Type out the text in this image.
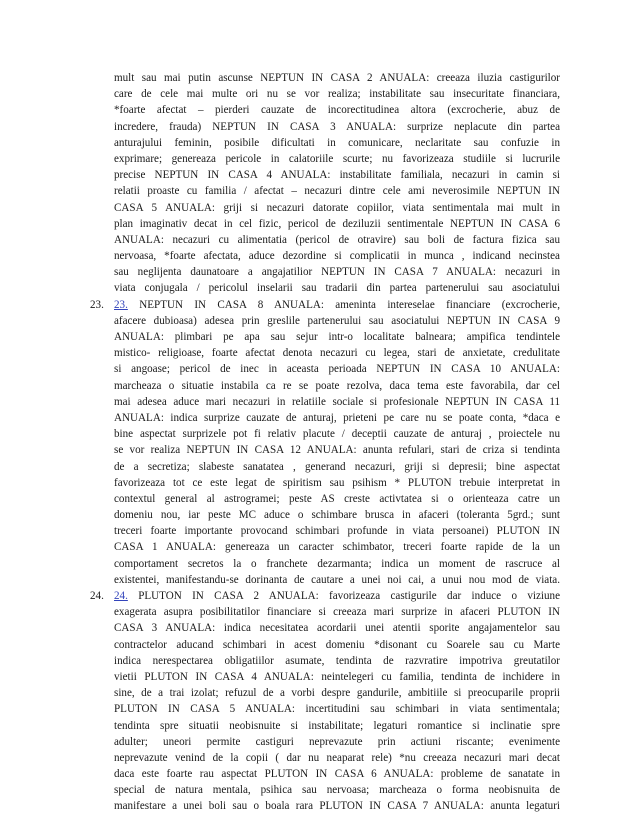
mult sau mai putin ascunse NEPTUN IN CASA 2 ANUALA: creeaza iluzia castigurilor
care de cele mai multe ori nu se vor realiza; instabilitate sau insecuritate financiara,
*foarte afectat – pierderi cauzate de incorectitudinea altora (excrocherie, abuz de
incredere, frauda) NEPTUN IN CASA 3 ANUALA: surprize neplacute din partea
anturajului feminin, posibile dificultati in comunicare, neclaritate sau confuzie in
exprimare; genereaza pericole in calatoriile scurte; nu favorizeaza studiile si lucrurile
precise NEPTUN IN CASA 4 ANUALA: instabilitate familiala, necazuri in camin si
relatii proaste cu familia / afectat – necazuri dintre cele ami neverosimile NEPTUN IN
CASA 5 ANUALA: griji si necazuri datorate copiilor, viata sentimentala mai mult in
plan imaginativ decat in cel fizic, pericol de deziluzii sentimentale NEPTUN IN CASA 6
ANUALA: necazuri cu alimentatia (pericol de otravire) sau boli de factura fizica sau
nervoasa, *foarte afectata, aduce dezordine si complicatii in munca , indicand necinstea
sau neglijenta daunatoare a angajatilior NEPTUN IN CASA 7 ANUALA: necazuri in
viata conjugala / pericolul inselarii sau tradarii din partea partenerului sau asociatului
23. 23. NEPTUN IN CASA 8 ANUALA: ameninta intereselae financiare (excrocherie,
afacere dubioasa) adesea prin greslile partenerului sau asociatului NEPTUN IN CASA 9
ANUALA: plimbari pe apa sau sejur intr-o localitate balneara; ampifica tendintele
mistico- religioase, foarte afectat denota necazuri cu legea, stari de anxietate, credulitate
si angoase; pericol de inec in aceasta perioada NEPTUN IN CASA 10 ANUALA:
marcheaza o situatie instabila ca re se poate rezolva, daca tema este favorabila, dar cel
mai adesea aduce mari necazuri in relatiile sociale si profesionale NEPTUN IN CASA 11
ANUALA: indica surprize cauzate de anturaj, prieteni pe care nu se poate conta, *daca e
bine aspectat surprizele pot fi relativ placute / deceptii cauzate de anturaj , proiectele nu
se vor realiza NEPTUN IN CASA 12 ANUALA: anunta refulari, stari de criza si tendinta
de a secretiza; slabeste sanatatea , generand necazuri, griji si depresii; bine aspectat
favorizeaza tot ce este legat de spiritism sau psihism * PLUTON trebuie interpretat in
contextul general al astrogramei; peste AS creste activtatea si o orienteaza catre un
domeniu nou, iar peste MC aduce o schimbare brusca in afaceri (toleranta 5grd.; sunt
treceri foarte importante provocand schimbari profunde in viata persoanei) PLUTON IN
CASA 1 ANUALA: genereaza un caracter schimbator, treceri foarte rapide de la un
comportament secretos la o franchete dezarmanta; indica un moment de rascruce al
existentei, manifestandu-se dorinanta de cautare a unei noi cai, a unui nou mod de viata.
24. 24. PLUTON IN CASA 2 ANUALA: favorizeaza castigurile dar induce o viziune
exagerata asupra posibilitatilor financiare si creeaza mari surprize in afaceri PLUTON IN
CASA 3 ANUALA: indica necesitatea acordarii unei atentii sporite angajamentelor sau
contractelor aducand schimbari in acest domeniu *disonant cu Soarele sau cu Marte
indica nerespectarea obligatiilor asumate, tendinta de razvratire impotriva greutatilor
vietii PLUTON IN CASA 4 ANUALA: neintelegeri cu familia, tendinta de inchidere in
sine, de a trai izolat; refuzul de a vorbi despre gandurile, ambitiile si preocuparile proprii
PLUTON IN CASA 5 ANUALA: incertitudini sau schimbari in viata sentimentala;
tendinta spre situatii neobisnuite si instabilitate; legaturi romantice si inclinatie spre
adulter; uneori permite castiguri neprevazute prin actiuni riscante; evenimente
neprevazute venind de la copii ( dar nu neaparat rele) *nu creeaza necazuri mari decat
daca este foarte rau aspectat PLUTON IN CASA 6 ANUALA: probleme de sanatate in
special de natura mentala, psihica sau nervoasa; marcheaza o forma neobisnuita de
manifestare a unei boli sau o boala rara PLUTON IN CASA 7 ANUALA: anunta legaturi
